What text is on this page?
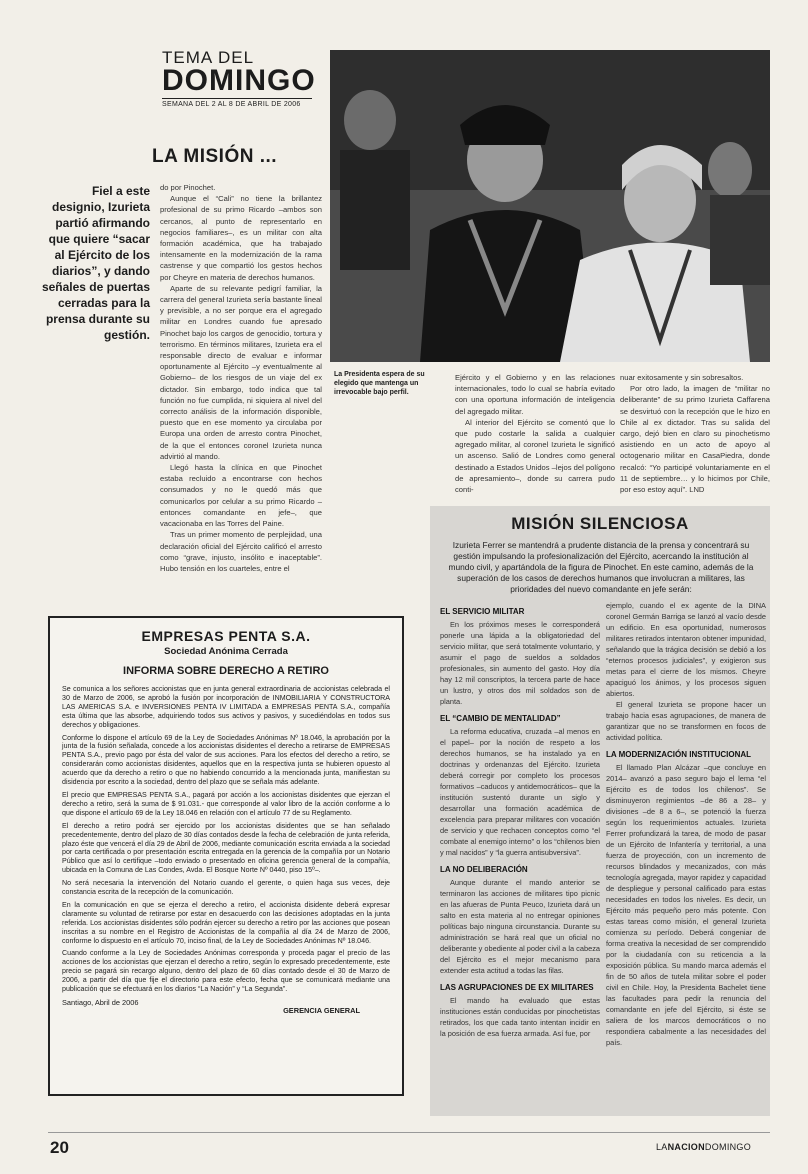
TEMA DEL
DOMINGO
SEMANA DEL 2 AL 8 DE ABRIL DE 2006
LA MISIÓN ...
Fiel a este designio, Izurieta partió afirmando que quiere “sacar al Ejército de los diarios”, y dando señales de puertas cerradas para la prensa durante su gestión.

do por Pinochet.

Aunque el “Cali” no tiene la brillantez profesional de su primo Ricardo –ambos son cercanos, al punto de representarlo en negocios familiares–, es un militar con alta formación académica, que ha trabajado intensamente en la modernización de la rama castrense y que compartió los gestos hechos por Cheyre en materia de derechos humanos.

Aparte de su relevante pedigrí familiar, la carrera del general Izurieta sería bastante lineal y previsible, a no ser porque era el agregado militar en Londres cuando fue apresado Pinochet bajo los cargos de genocidio, tortura y terrorismo. En términos militares, Izurieta era el responsable directo de evaluar e informar oportunamente al Ejército –y eventualmente al Gobierno– de los riesgos de un viaje del ex dictador. Sin embargo, todo indica que tal función no fue cumplida, ni siquiera al nivel del correcto análisis de la información disponible, puesto que en ese momento ya circulaba por Europa una orden de arresto contra Pinochet, de la que el entonces coronel Izurieta nunca advirtió al mando.

Llegó hasta la clínica en que Pinochet estaba recluido a encontrarse con hechos consumados y no le quedó más que comunicarlos por celular a su primo Ricardo –entonces comandante en jefe–, que vacacionaba en las Torres del Paine.

Tras un primer momento de perplejidad, una declaración oficial del Ejército calificó el arresto como “grave, injusto, insólito e inaceptable”. Hubo tensión en los cuarteles, entre el

La Presidenta espera de su elegido que mantenga un irrevocable bajo perfil.

Ejército y el Gobierno y en las relaciones internacionales, todo lo cual se habría evitado con una oportuna información de inteligencia del agregado militar.

Al interior del Ejército se comentó que lo que pudo costarle la salida a cualquier agregado militar, al coronel Izurieta le significó un ascenso. Salió de Londres como general destinado a Estados Unidos –lejos del polígono de apresamiento–, donde su carrera pudo conti-

nuar exitosamente y sin sobresaltos.

Por otro lado, la imagen de “militar no deliberante” de su primo Izurieta Caffarena se desvirtuó con la recepción que le hizo en Chile al ex dictador. Tras su salida del cargo, dejó bien en claro su pinochetismo asistiendo en un acto de apoyo al octogenario militar en CasaPiedra, donde recalcó: “Yo participé voluntariamente en el 11 de septiembre… y lo hicimos por Chile, por eso estoy aquí”. LND

MISIÓN SILENCIOSA
Izurieta Ferrer se mantendrá a prudente distancia de la prensa y concentrará su gestión impulsando la profesionalización del Ejército, acercando la institución al mundo civil, y apartándola de la figura de Pinochet. En este camino, además de la superación de los casos de derechos humanos que involucran a militares, las prioridades del nuevo comandante en jefe serán:
EL SERVICIO MILITAR

En los próximos meses le corresponderá ponerle una lápida a la obligatoriedad del servicio militar, que será totalmente voluntario, y asumir el pago de sueldos a soldados profesionales, sin aumento del gasto. Hoy día hay 12 mil conscriptos, la tercera parte de hace un lustro, y otros dos mil soldados son de planta.

EL “CAMBIO DE MENTALIDAD”

La reforma educativa, cruzada –al menos en el papel– por la noción de respeto a los derechos humanos, se ha instalado ya en doctrinas y ordenanzas del Ejército. Izurieta deberá corregir por completo los procesos formativos –caducos y antidemocráticos– que la institución sustentó durante un siglo y desarrollar una formación académica de excelencia para preparar militares con vocación de servicio y que rechacen conceptos como “el combate al enemigo interno” o los “chilenos bien y mal nacidos” y “la guerra antisubversiva”.

LA NO DELIBERACIÓN

Aunque durante el mando anterior se terminaron las acciones de militares tipo picnic en las afueras de Punta Peuco, Izurieta dará un salto en esta materia al no entregar opiniones políticas bajo ninguna circunstancia. Durante su administración se hará real que un oficial no deliberante y obediente al poder civil a la cabeza del Ejército es el mejor mecanismo para extender esta actitud a todas las filas.

LAS AGRUPACIONES DE EX MILITARES

El mando ha evaluado que estas instituciones están conducidas por pinochetistas retirados, los que cada tanto intentan incidir en la posición de esa fuerza armada. Así fue, por

ejemplo, cuando el ex agente de la DINA coronel Germán Barriga se lanzó al vacío desde un edificio. En esa oportunidad, numerosos militares retirados intentaron obtener impunidad, señalando que la trágica decisión se debió a los “eternos procesos judiciales”, y exigieron sus metas para el cierre de los mismos. Cheyre apaciguó los ánimos, y los procesos siguen abiertos.

El general Izurieta se propone hacer un trabajo hacia esas agrupaciones, de manera de garantizar que no se transformen en focos de actividad política.

LA MODERNIZACIÓN INSTITUCIONAL

El llamado Plan Alcázar –que concluye en 2014– avanzó a paso seguro bajo el lema “el Ejército es de todos los chilenos”. Se disminuyeron regimientos –de 86 a 28– y divisiones –de 8 a 6–, se potenció la fuerza según los requerimientos actuales. Izurieta Ferrer profundizará la tarea, de modo de pasar de un Ejército de Infantería y territorial, a una fuerza de proyección, con un incremento de recursos blindados y mecanizados, con más tecnología agregada, mayor rapidez y capacidad de despliegue y personal calificado para estas necesidades en todos los niveles. Es decir, un Ejército más pequeño pero más potente. Con estas tareas como misión, el general Izurieta comienza su período. Deberá congeniar de forma creativa la necesidad de ser comprendido por la ciudadanía con su reticencia a la exposición pública. Su mando marca además el fin de 50 años de tutela militar sobre el poder civil en Chile. Hoy, la Presidenta Bachelet tiene las facultades para pedir la renuncia del comandante en jefe del Ejército, si éste se saliera de los marcos democráticos o no respondiera cabalmente a las necesidades del país.

EMPRESAS PENTA S.A.
Sociedad Anónima Cerrada
INFORMA SOBRE DERECHO A RETIRO

Se comunica a los señores accionistas que en junta general extraordinaria de accionistas celebrada el 30 de Marzo de 2006, se aprobó la fusión por incorporación de INMOBILIARIA Y CONSTRUCTORA LAS AMERICAS S.A. e INVERSIONES PENTA IV LIMITADA a EMPRESAS PENTA S.A., compañía esta última que las absorbe, adquiriendo todos sus activos y pasivos, y sucediéndolas en todos sus derechos y obligaciones.

Conforme lo dispone el artículo 69 de la Ley de Sociedades Anónimas Nº 18.046, la aprobación por la junta de la fusión señalada, concede a los accionistas disidentes el derecho a retirarse de EMPRESAS PENTA S.A., previo pago por ésta del valor de sus acciones. Para los efectos del derecho a retiro, se considerarán como accionistas disidentes, aquellos que en la respectiva junta se hubieren opuesto al acuerdo que da derecho a retiro o que no habiendo concurrido a la mencionada junta, manifiestan su disidencia por escrito a la sociedad, dentro del plazo que se señala más adelante.

El precio que EMPRESAS PENTA S.A., pagará por acción a los accionistas disidentes que ejerzan el derecho a retiro, será la suma de $ 91.031.- que corresponde al valor libro de la acción conforme a lo que dispone el artículo 69 de la Ley 18.046 en relación con el artículo 77 de su Reglamento.

El derecho a retiro podrá ser ejercido por los accionistas disidentes que se han señalado precedentemente, dentro del plazo de 30 días contados desde la fecha de celebración de junta referida, plazo éste que vencerá el día 29 de Abril de 2006, mediante comunicación escrita enviada a la sociedad por carta certificada o por presentación escrita entregada en la gerencia de la compañía por un Notario Público que así lo certifique –todo enviado o presentado en oficina gerencia general de la compañía, ubicada en la Comuna de Las Condes, Avda. El Bosque Norte Nº 0440, piso 15º–.

No será necesaria la intervención del Notario cuando el gerente, o quien haga sus veces, deje constancia escrita de la recepción de la comunicación.

En la comunicación en que se ejerza el derecho a retiro, el accionista disidente deberá expresar claramente su voluntad de retirarse por estar en desacuerdo con las decisiones adoptadas en la junta referida. Los accionistas disidentes sólo podrán ejercer su derecho a retiro por las acciones que posean inscritas a su nombre en el Registro de Accionistas de la compañía al día 24 de Marzo de 2006, conforme lo dispuesto en el artículo 70, inciso final, de la Ley de Sociedades Anónimas Nº 18.046.

Cuando conforme a la Ley de Sociedades Anónimas corresponda y proceda pagar el precio de las acciones de los accionistas que ejerzan el derecho a retiro, según lo expresado precedentemente, este precio se pagará sin recargo alguno, dentro del plazo de 60 días contado desde el 30 de Marzo de 2006, a partir del día que fije el directorio para este efecto, fecha que se comunicará mediante una publicación que se efectuará en los diarios “La Nación” y “La Segunda”.

Santiago, Abril de 2006
GERENCIA GENERAL
20	LANACIONDOMINGO
